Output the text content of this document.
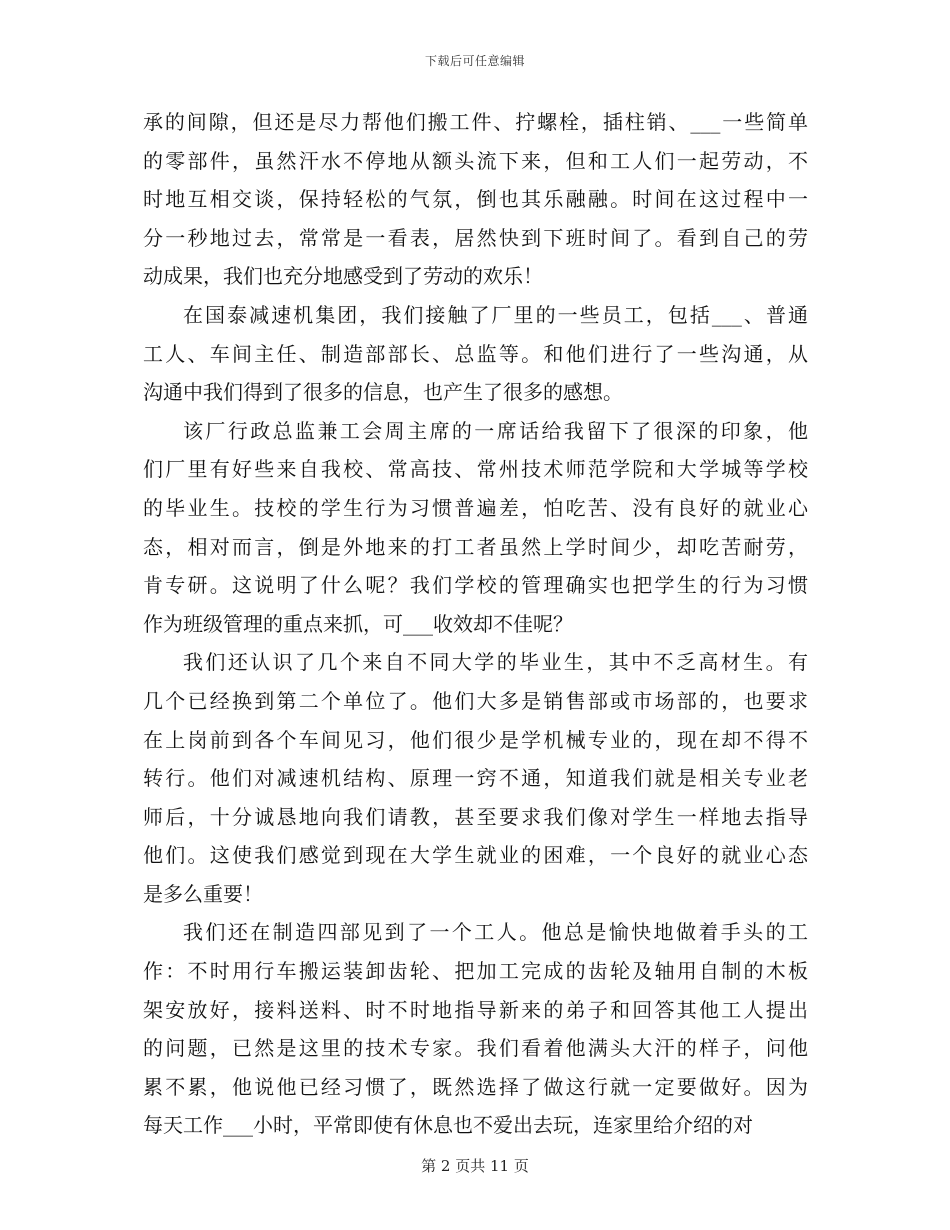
下载后可任意编辑
承的间隙，但还是尽力帮他们搬工件、拧螺栓，插柱销、___一些简单
的零部件，虽然汗水不停地从额头流下来，但和工人们一起劳动，不
时地互相交谈，保持轻松的气氛，倒也其乐融融。时间在这过程中一
分一秒地过去，常常是一看表，居然快到下班时间了。看到自己的劳
动成果，我们也充分地感受到了劳动的欢乐！
在国泰减速机集团，我们接触了厂里的一些员工，包括___、普通
工人、车间主任、制造部部长、总监等。和他们进行了一些沟通，从
沟通中我们得到了很多的信息，也产生了很多的感想。
该厂行政总监兼工会周主席的一席话给我留下了很深的印象，他
们厂里有好些来自我校、常高技、常州技术师范学院和大学城等学校
的毕业生。技校的学生行为习惯普遍差，怕吃苦、没有良好的就业心
态，相对而言，倒是外地来的打工者虽然上学时间少，却吃苦耐劳，
肯专研。这说明了什么呢？我们学校的管理确实也把学生的行为习惯
作为班级管理的重点来抓，可___收效却不佳呢？
我们还认识了几个来自不同大学的毕业生，其中不乏高材生。有
几个已经换到第二个单位了。他们大多是销售部或市场部的，也要求
在上岗前到各个车间见习，他们很少是学机械专业的，现在却不得不
转行。他们对减速机结构、原理一窍不通，知道我们就是相关专业老
师后，十分诚恳地向我们请教，甚至要求我们像对学生一样地去指导
他们。这使我们感觉到现在大学生就业的困难，一个良好的就业心态
是多么重要！
我们还在制造四部见到了一个工人。他总是愉快地做着手头的工
作：不时用行车搬运装卸齿轮、把加工完成的齿轮及轴用自制的木板
架安放好，接料送料、时不时地指导新来的弟子和回答其他工人提出
的问题，已然是这里的技术专家。我们看着他满头大汗的样子，问他
累不累，他说他已经习惯了，既然选择了做这行就一定要做好。因为
每天工作___小时，平常即使有休息也不爱出去玩，连家里给介绍的对
第 2 页共 11 页
